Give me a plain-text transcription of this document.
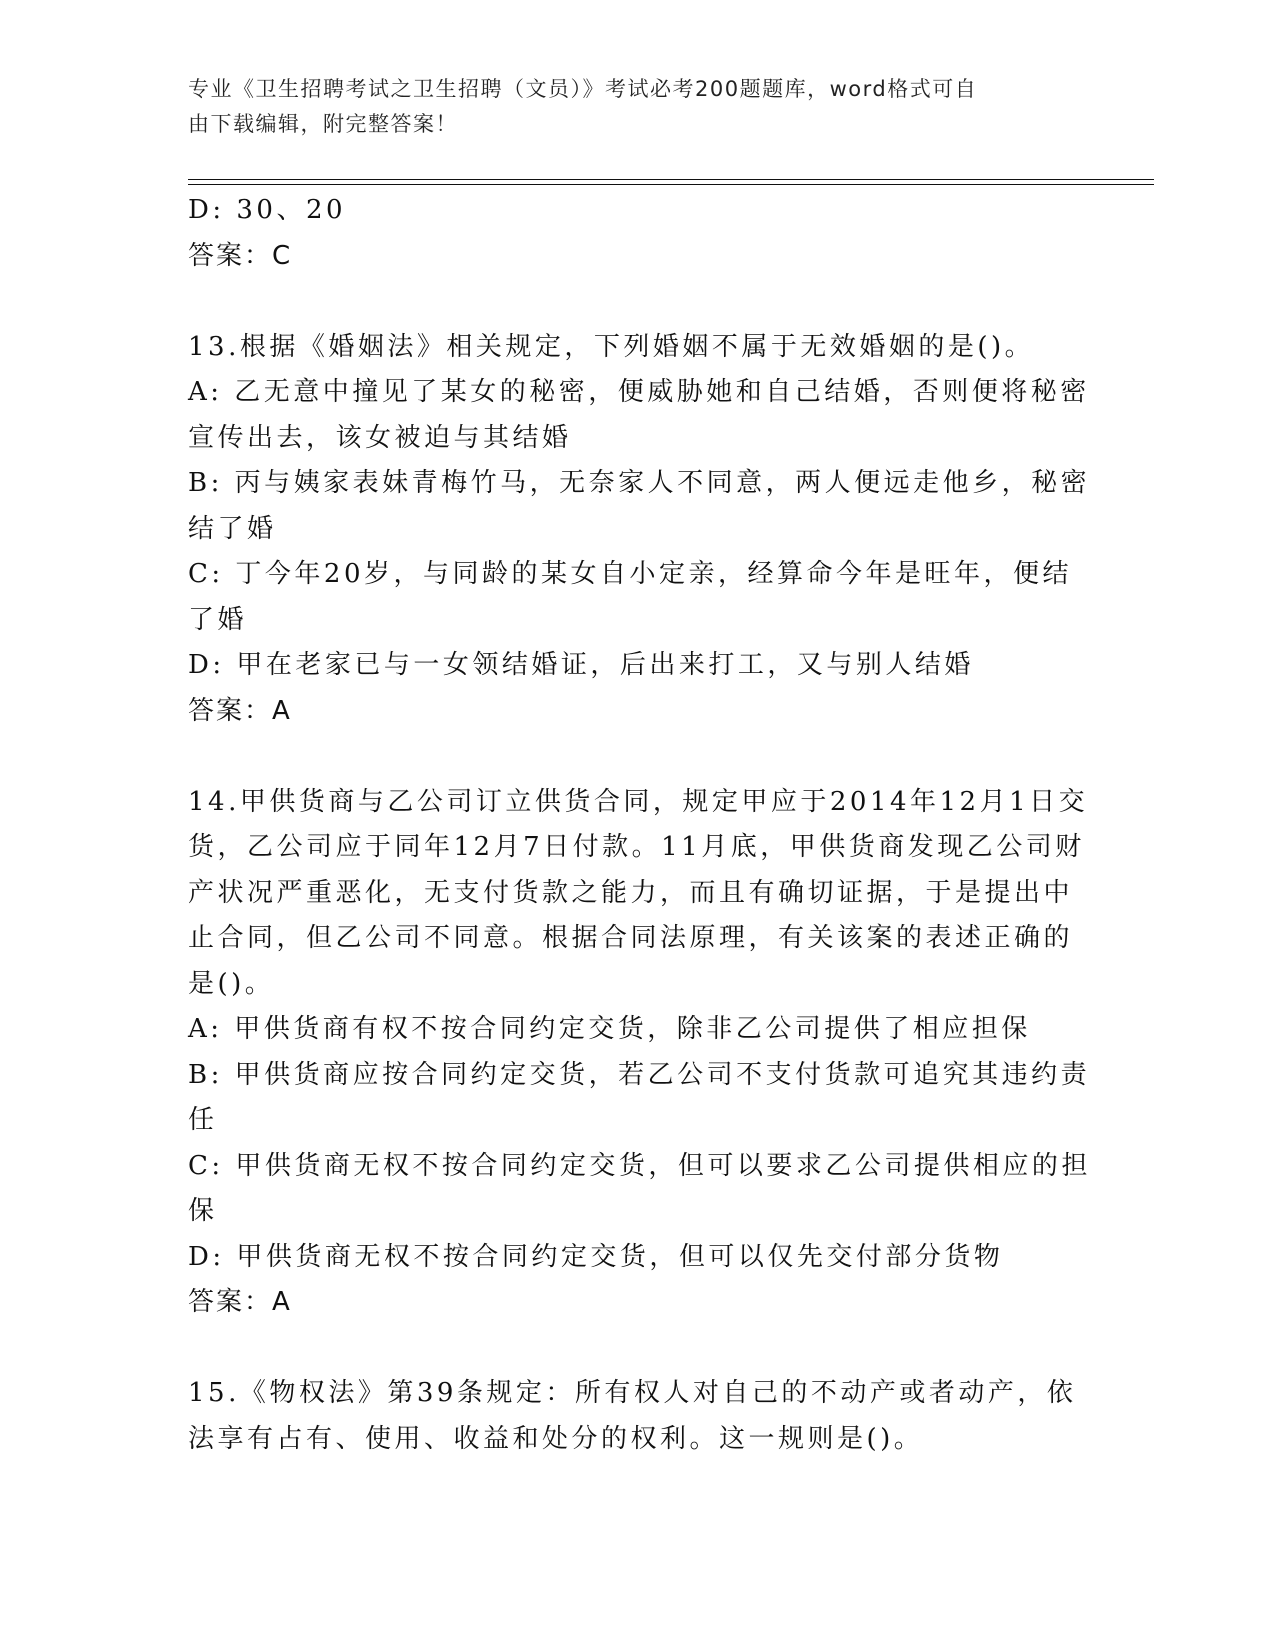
专业《卫生招聘考试之卫生招聘（文员）》考试必考200题题库，word格式可自
由下载编辑，附完整答案！
D: 30、20
答案：C
13.根据《婚姻法》相关规定，下列婚姻不属于无效婚姻的是()。
A: 乙无意中撞见了某女的秘密，便威胁她和自己结婚，否则便将秘密
宣传出去，该女被迫与其结婚
B: 丙与姨家表妹青梅竹马，无奈家人不同意，两人便远走他乡，秘密
结了婚
C: 丁今年20岁，与同龄的某女自小定亲，经算命今年是旺年，便结
了婚
D: 甲在老家已与一女领结婚证，后出来打工，又与别人结婚
答案：A
14.甲供货商与乙公司订立供货合同，规定甲应于2014年12月1日交
货，乙公司应于同年12月7日付款。11月底，甲供货商发现乙公司财
产状况严重恶化，无支付货款之能力，而且有确切证据，于是提出中
止合同，但乙公司不同意。根据合同法原理，有关该案的表述正确的
是()。
A: 甲供货商有权不按合同约定交货，除非乙公司提供了相应担保
B: 甲供货商应按合同约定交货，若乙公司不支付货款可追究其违约责
任
C: 甲供货商无权不按合同约定交货，但可以要求乙公司提供相应的担
保
D: 甲供货商无权不按合同约定交货，但可以仅先交付部分货物
答案：A
15.《物权法》第39条规定：所有权人对自己的不动产或者动产，依
法享有占有、使用、收益和处分的权利。这一规则是()。
